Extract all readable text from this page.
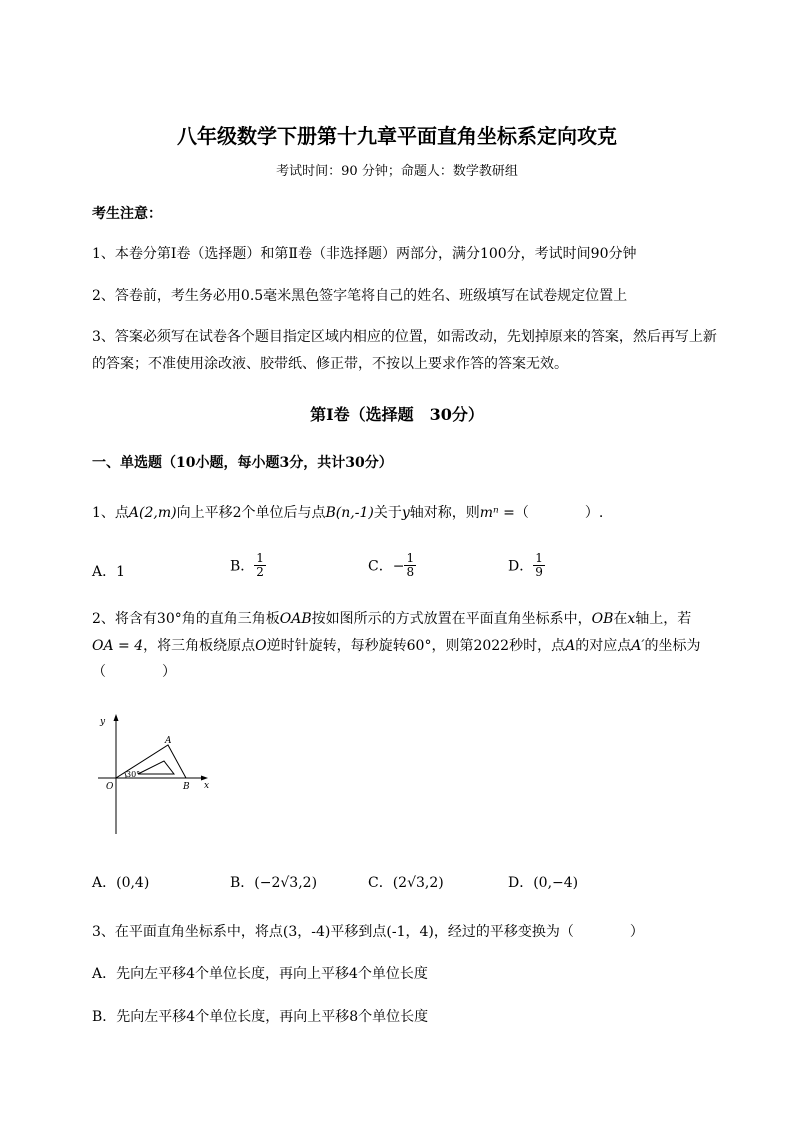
八年级数学下册第十九章平面直角坐标系定向攻克
考试时间：90 分钟；命题人：数学教研组
考生注意：
1、本卷分第Ⅰ卷（选择题）和第Ⅱ卷（非选择题）两部分，满分100分，考试时间90分钟
2、答卷前，考生务必用0.5毫米黑色签字笔将自己的姓名、班级填写在试卷规定位置上
3、答案必须写在试卷各个题目指定区域内相应的位置，如需改动，先划掉原来的答案，然后再写上新
的答案；不准使用涂改液、胶带纸、修正带，不按以上要求作答的答案无效。
第Ⅰ卷（选择题　30分）
一、单选题（10小题，每小题3分，共计30分）
1、点A(2,m)向上平移2个单位后与点B(n,-1)关于y轴对称，则mⁿ =（　　　　）.
A．1	B． $\frac{1}{2}$	C．− $\frac{1}{8}$	D． $\frac{1}{9}$
2、将含有30°角的直角三角板OAB按如图所示的方式放置在平面直角坐标系中，OB在x轴上，若
OA = 4，将三角板绕原点O逆时针旋转，每秒旋转60°，则第2022秒时，点A的对应点A′的坐标为
（　　　　）
y
x
O
A
B
30°
A．(0,4)	B．(−2√3,2)	C．(2√3,2)	D．(0,−4)
3、在平面直角坐标系中，将点(3，-4)平移到点(-1，4)，经过的平移变换为（　　　　）
A．先向左平移4个单位长度，再向上平移4个单位长度
B．先向左平移4个单位长度，再向上平移8个单位长度
